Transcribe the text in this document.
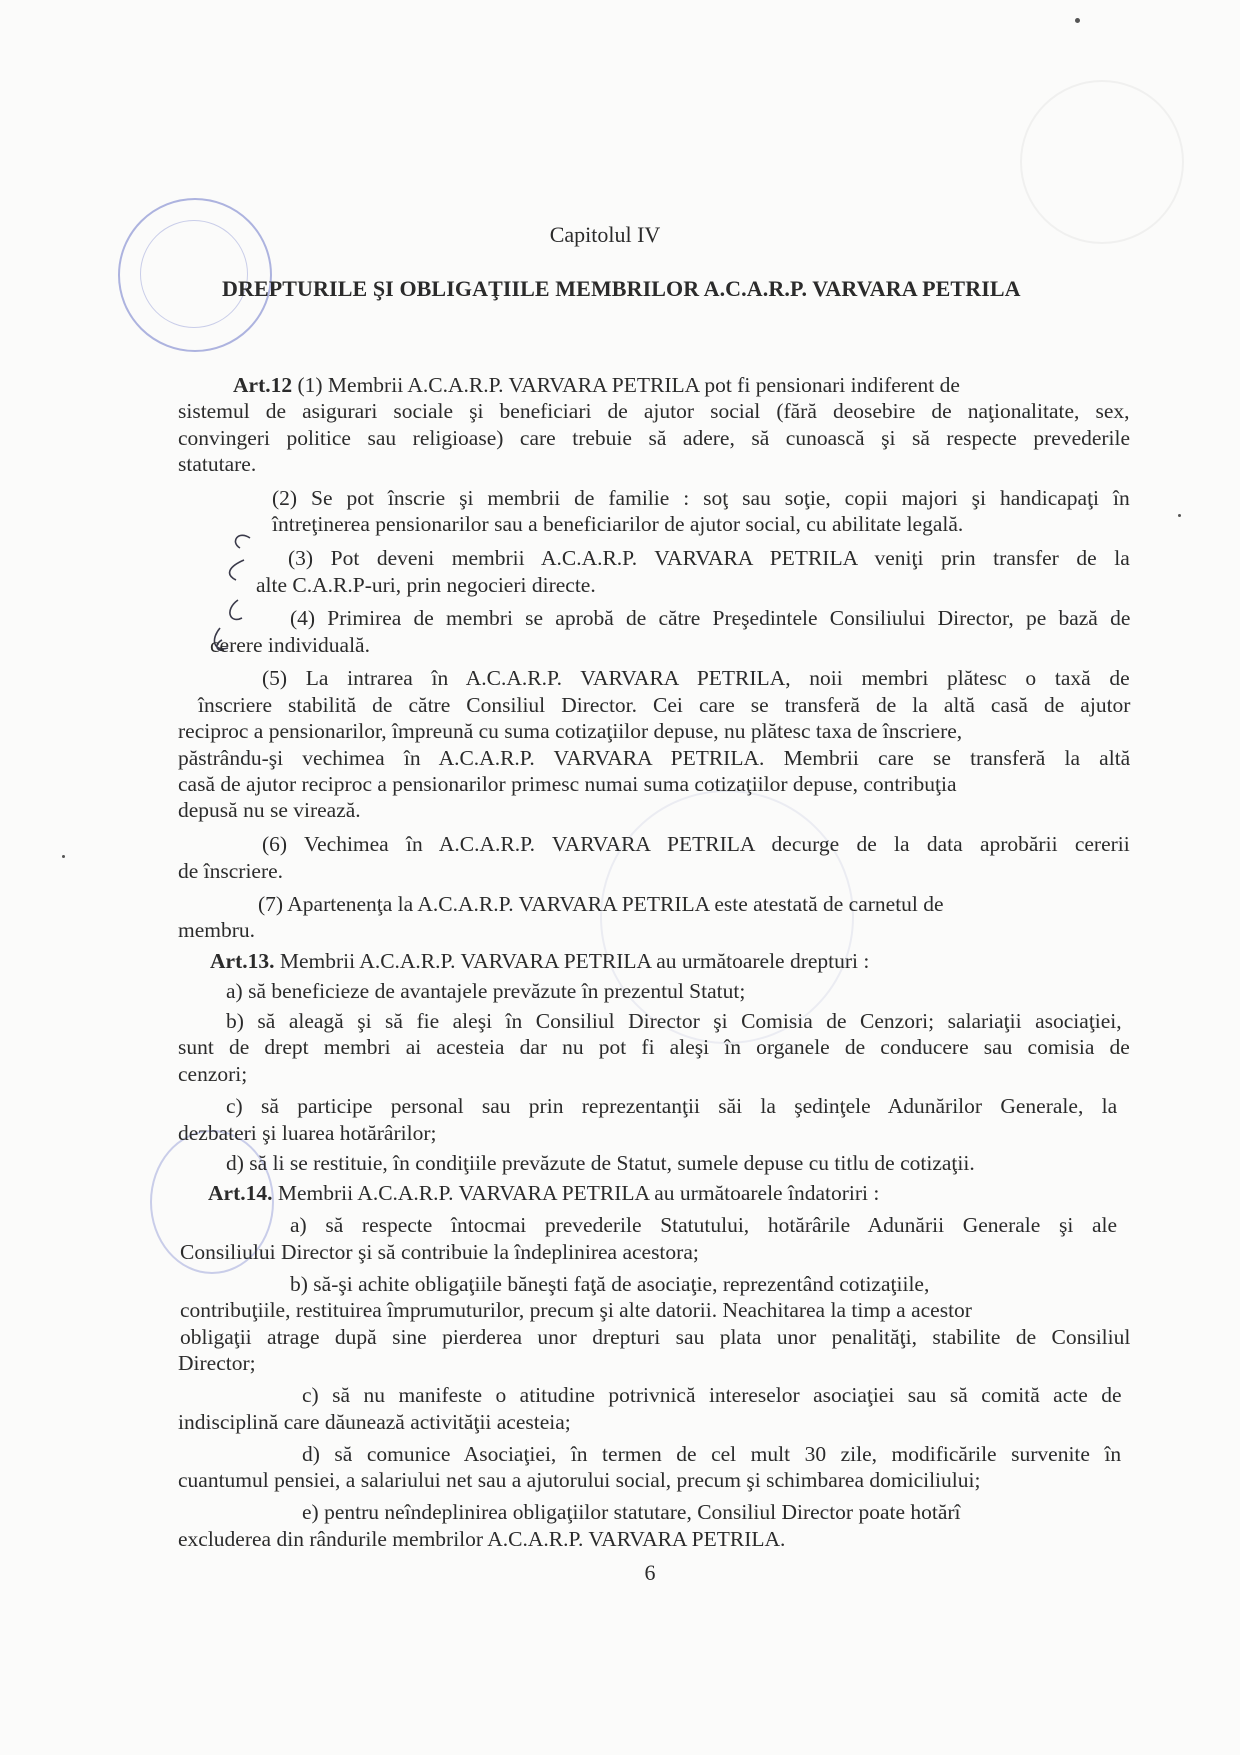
Capitolul IV
DREPTURILE ŞI OBLIGAŢIILE MEMBRILOR A.C.A.R.P. VARVARA PETRILA
Art.12 (1) Membrii A.C.A.R.P. VARVARA PETRILA pot fi pensionari indiferent de
sistemul de asigurari sociale şi beneficiari de ajutor social (fără deosebire de naţionalitate, sex,
convingeri politice sau religioase) care trebuie să adere, să cunoască şi să respecte prevederile
statutare.
(2) Se pot înscrie şi membrii de familie : soţ sau soţie, copii majori şi handicapaţi în
întreţinerea pensionarilor sau a beneficiarilor de ajutor social, cu abilitate legală.
(3) Pot deveni membrii A.C.A.R.P. VARVARA PETRILA veniţi prin transfer de la
alte C.A.R.P-uri, prin negocieri directe.
(4) Primirea de membri se aprobă de către Preşedintele Consiliului Director, pe bază de
cerere individuală.
(5) La intrarea în A.C.A.R.P. VARVARA PETRILA, noii membri plătesc o taxă de
înscriere stabilită de către Consiliul Director. Cei care se transferă de la altă casă de ajutor
reciproc a pensionarilor, împreună cu suma cotizaţiilor depuse, nu plătesc taxa de înscriere,
păstrându-şi vechimea în A.C.A.R.P. VARVARA PETRILA. Membrii care se transferă la altă
casă de ajutor reciproc a pensionarilor primesc numai suma cotizaţiilor depuse, contribuţia
depusă nu se virează.
(6) Vechimea în A.C.A.R.P. VARVARA PETRILA decurge de la data aprobării cererii
de înscriere.
(7) Apartenenţa la A.C.A.R.P. VARVARA PETRILA este atestată de carnetul de
membru.
Art.13. Membrii A.C.A.R.P. VARVARA PETRILA au următoarele drepturi :
a) să beneficieze de avantajele prevăzute în prezentul Statut;
b) să aleagă şi să fie aleşi în Consiliul Director şi Comisia de Cenzori; salariaţii asociaţiei,
sunt de drept membri ai acesteia dar nu pot fi aleşi în organele de conducere sau comisia de
cenzori;
c) să participe personal sau prin reprezentanţii săi la şedinţele Adunărilor Generale, la
dezbateri şi luarea hotărârilor;
d) să li se restituie, în condiţiile prevăzute de Statut, sumele depuse cu titlu de cotizaţii.
Art.14. Membrii A.C.A.R.P. VARVARA PETRILA au următoarele îndatoriri :
a) să respecte întocmai prevederile Statutului, hotărârile Adunării Generale şi ale
Consiliului Director şi să contribuie la îndeplinirea acestora;
b) să-şi achite obligaţiile băneşti faţă de asociaţie, reprezentând cotizaţiile,
contribuţiile, restituirea împrumuturilor, precum şi alte datorii. Neachitarea la timp a acestor
obligaţii atrage după sine pierderea unor drepturi sau plata unor penalităţi, stabilite de Consiliul
Director;
c) să nu manifeste o atitudine potrivnică intereselor asociaţiei sau să comită acte de
indisciplină care dăunează activităţii acesteia;
d) să comunice Asociaţiei, în termen de cel mult 30 zile, modificările survenite în
cuantumul pensiei, a salariului net sau a ajutorului social, precum şi schimbarea domiciliului;
e) pentru neîndeplinirea obligaţiilor statutare, Consiliul Director poate hotărî
excluderea din rândurile membrilor A.C.A.R.P. VARVARA PETRILA.
6
